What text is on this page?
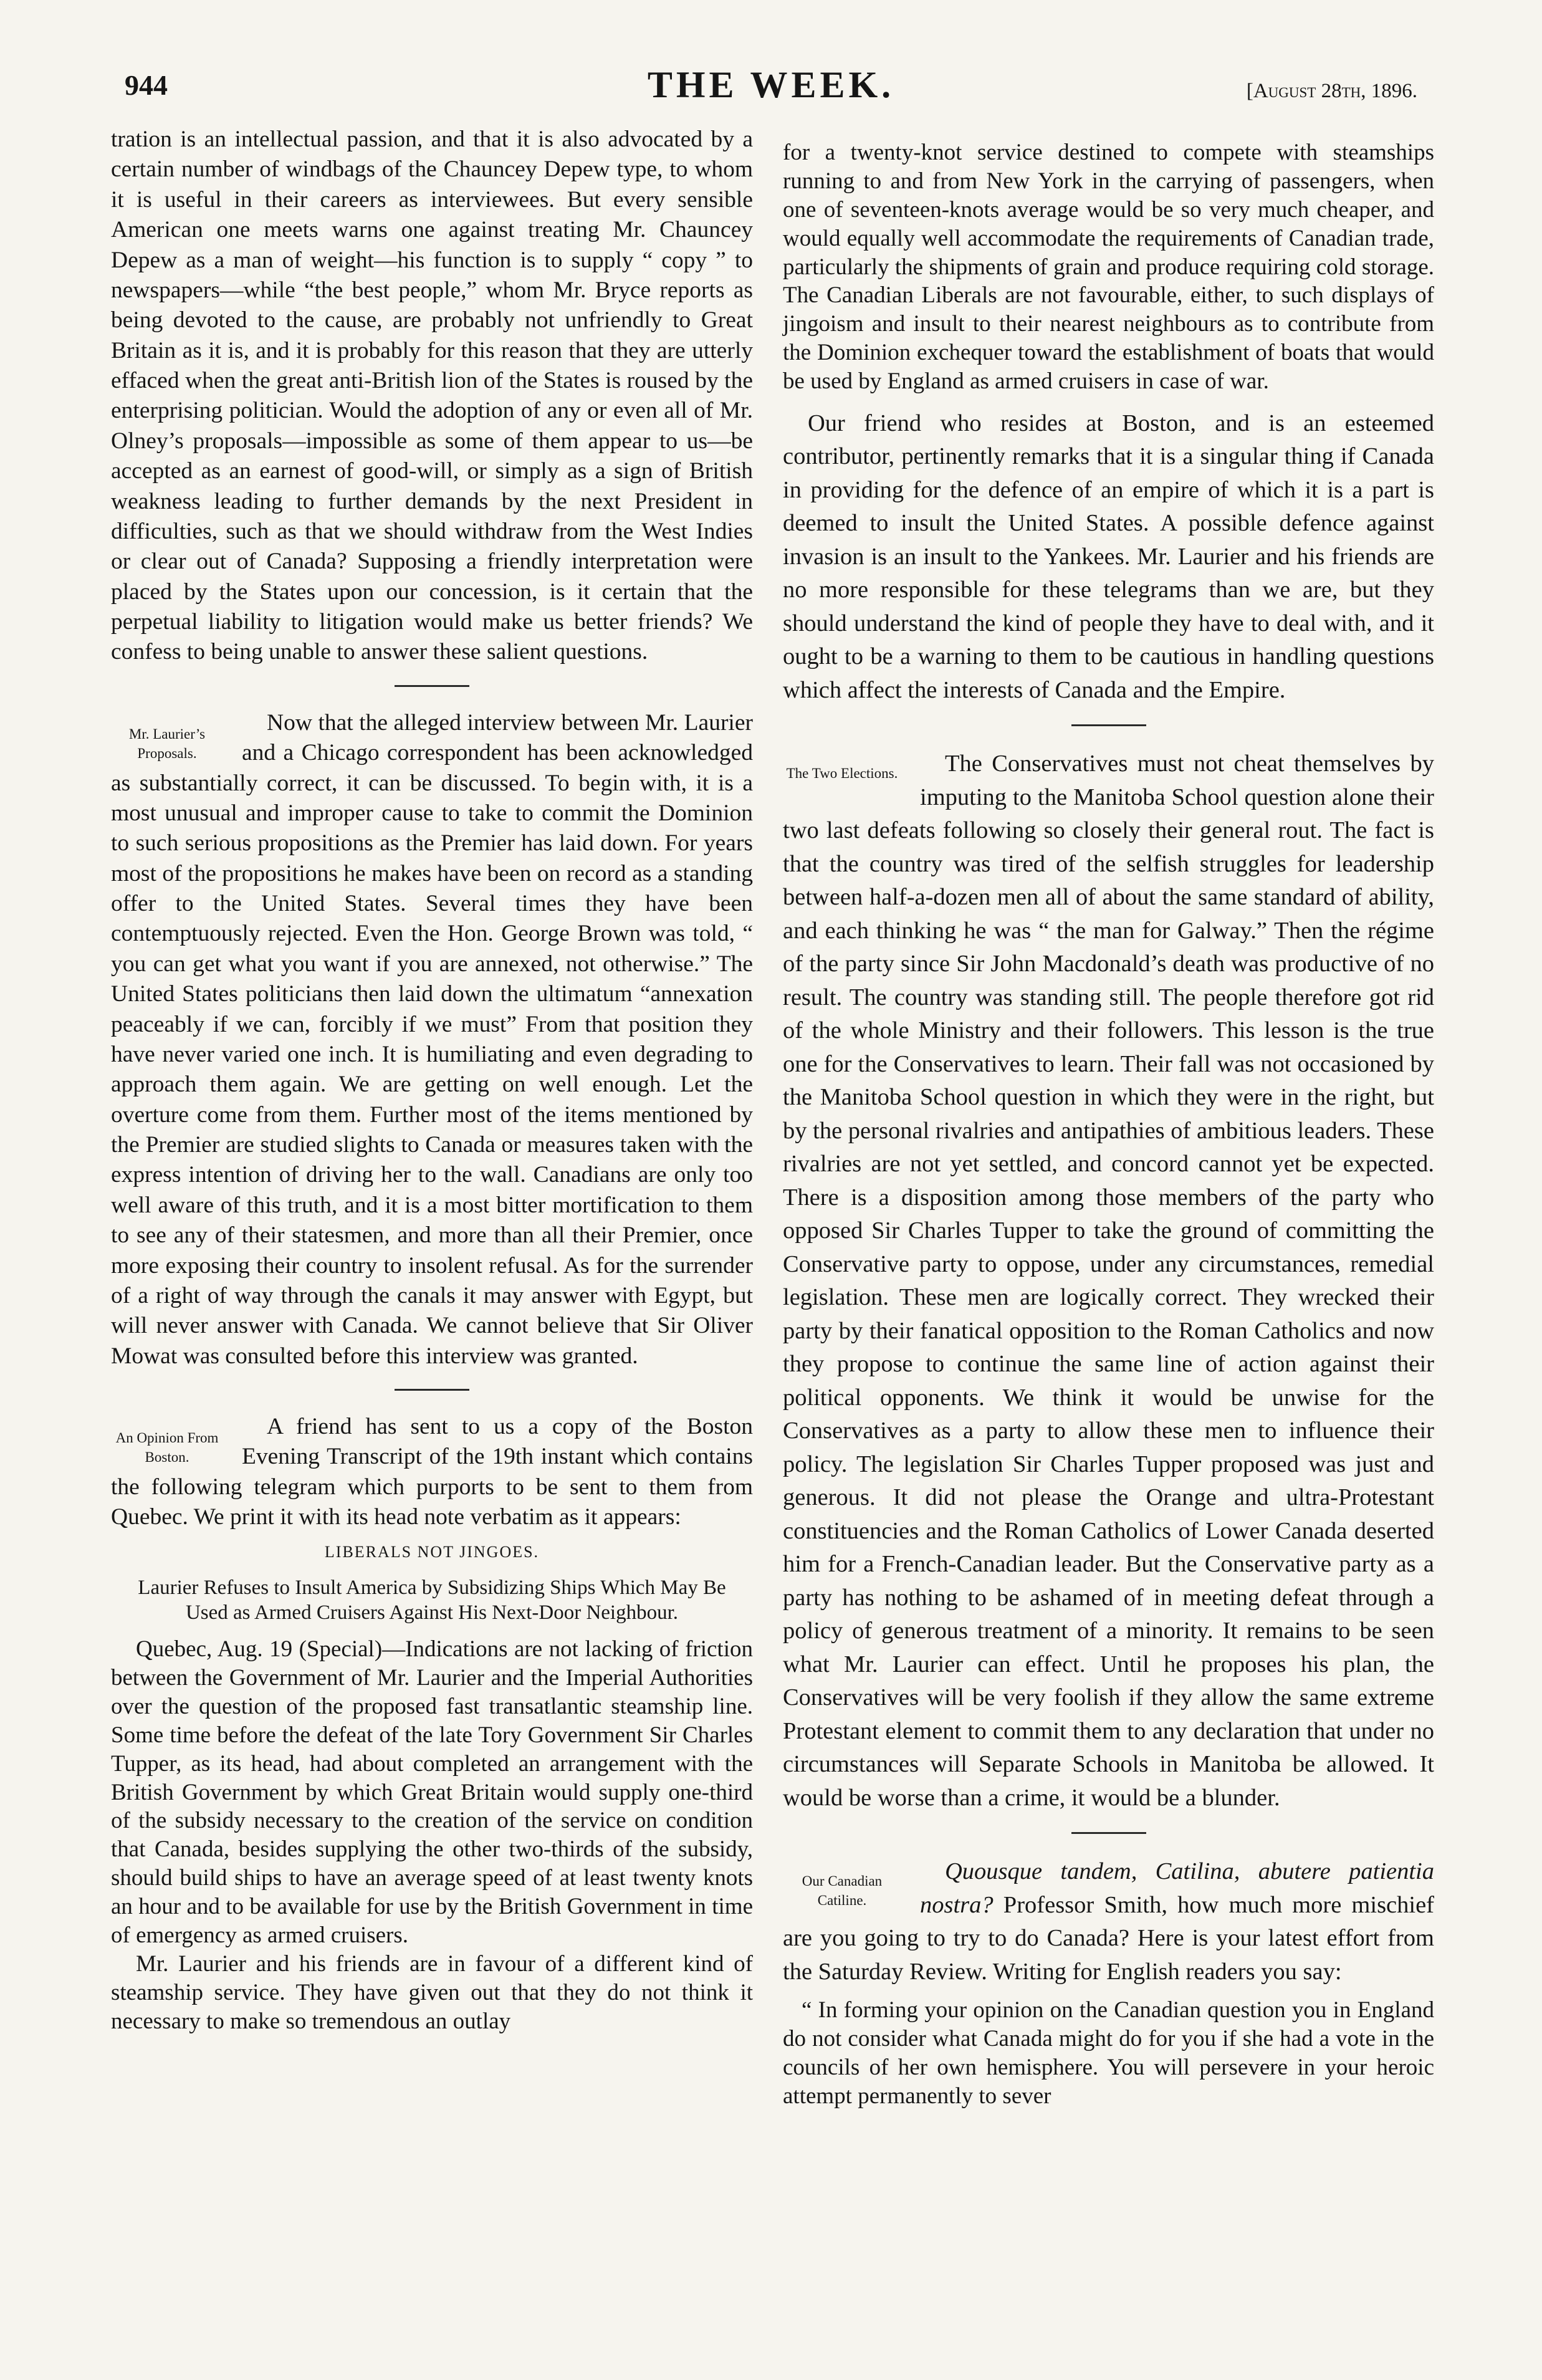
944	THE WEEK.	[August 28th, 1896.

tration is an intellectual passion, and that it is also advocated by a certain number of windbags of the Chauncey Depew type, to whom it is useful in their careers as interviewees. But every sensible American one meets warns one against treating Mr. Chauncey Depew as a man of weight—his function is to supply “ copy ” to newspapers—while “the best people,” whom Mr. Bryce reports as being devoted to the cause, are probably not unfriendly to Great Britain as it is, and it is probably for this reason that they are utterly effaced when the great anti-British lion of the States is roused by the enterprising politician. Would the adoption of any or even all of Mr. Olney’s proposals—impossible as some of them appear to us—be accepted as an earnest of good-will, or simply as a sign of British weakness leading to further demands by the next President in difficulties, such as that we should withdraw from the West Indies or clear out of Canada? Supposing a friendly interpretation were placed by the States upon our concession, is it certain that the perpetual liability to litigation would make us better friends? We confess to being unable to answer these salient questions.

Mr. Laurier’s Proposals.

Now that the alleged interview between Mr. Laurier and a Chicago correspondent has been acknowledged as substantially correct, it can be discussed. To begin with, it is a most unusual and improper cause to take to commit the Dominion to such serious propositions as the Premier has laid down. For years most of the propositions he makes have been on record as a standing offer to the United States. Several times they have been contemptuously rejected. Even the Hon. George Brown was told, “ you can get what you want if you are annexed, not otherwise.” The United States politicians then laid down the ultimatum “annexation peaceably if we can, forcibly if we must” From that position they have never varied one inch. It is humiliating and even degrading to approach them again. We are getting on well enough. Let the overture come from them. Further most of the items mentioned by the Premier are studied slights to Canada or measures taken with the express intention of driving her to the wall. Canadians are only too well aware of this truth, and it is a most bitter mortification to them to see any of their statesmen, and more than all their Premier, once more exposing their country to insolent refusal. As for the surrender of a right of way through the canals it may answer with Egypt, but will never answer with Canada. We cannot believe that Sir Oliver Mowat was consulted before this interview was granted.

An Opinion From Boston.

A friend has sent to us a copy of the Boston Evening Transcript of the 19th instant which contains the following telegram which purports to be sent to them from Quebec. We print it with its head note verbatim as it appears:

LIBERALS NOT JINGOES.
Laurier Refuses to Insult America by Subsidizing Ships Which May Be Used as Armed Cruisers Against His Next-Door Neighbour.

Quebec, Aug. 19 (Special)—Indications are not lacking of friction between the Government of Mr. Laurier and the Imperial Authorities over the question of the proposed fast transatlantic steamship line. Some time before the defeat of the late Tory Government Sir Charles Tupper, as its head, had about completed an arrangement with the British Government by which Great Britain would supply one-third of the subsidy necessary to the creation of the service on condition that Canada, besides supplying the other two-thirds of the subsidy, should build ships to have an average speed of at least twenty knots an hour and to be available for use by the British Government in time of emergency as armed cruisers.

Mr. Laurier and his friends are in favour of a different kind of steamship service. They have given out that they do not think it necessary to make so tremendous an outlay

for a twenty-knot service destined to compete with steamships running to and from New York in the carrying of passengers, when one of seventeen-knots average would be so very much cheaper, and would equally well accommodate the requirements of Canadian trade, particularly the shipments of grain and produce requiring cold storage. The Canadian Liberals are not favourable, either, to such displays of jingoism and insult to their nearest neighbours as to contribute from the Dominion exchequer toward the establishment of boats that would be used by England as armed cruisers in case of war.

Our friend who resides at Boston, and is an esteemed contributor, pertinently remarks that it is a singular thing if Canada in providing for the defence of an empire of which it is a part is deemed to insult the United States. A possible defence against invasion is an insult to the Yankees. Mr. Laurier and his friends are no more responsible for these telegrams than we are, but they should understand the kind of people they have to deal with, and it ought to be a warning to them to be cautious in handling questions which affect the interests of Canada and the Empire.

The Two Elections.	The Conservatives must not cheat themselves by imputing to the Manitoba School question alone their two last defeats following so closely their general rout. The fact is that the country was tired of the selfish struggles for leadership between half-a-dozen men all of about the same standard of ability, and each thinking he was “ the man for Galway.” Then the régime of the party since Sir John Macdonald’s death was productive of no result. The country was standing still. The people therefore got rid of the whole Ministry and their followers. This lesson is the true one for the Conservatives to learn. Their fall was not occasioned by the Manitoba School question in which they were in the right, but by the personal rivalries and antipathies of ambitious leaders. These rivalries are not yet settled, and concord cannot yet be expected. There is a disposition among those members of the party who opposed Sir Charles Tupper to take the ground of committing the Conservative party to oppose, under any circumstances, remedial legislation. These men are logically correct. They wrecked their party by their fanatical opposition to the Roman Catholics and now they propose to continue the same line of action against their political opponents. We think it would be unwise for the Conservatives as a party to allow these men to influence their policy. The legislation Sir Charles Tupper proposed was just and generous. It did not please the Orange and ultra-Protestant constituencies and the Roman Catholics of Lower Canada deserted him for a French-Canadian leader. But the Conservative party as a party has nothing to be ashamed of in meeting defeat through a policy of generous treatment of a minority. It remains to be seen what Mr. Laurier can effect. Until he proposes his plan, the Conservatives will be very foolish if they allow the same extreme Protestant element to commit them to any declaration that under no circumstances will Separate Schools in Manitoba be allowed. It would be worse than a crime, it would be a blunder.

Our Canadian Catiline.

Quousque tandem, Catilina, abutere patientia nostra? Professor Smith, how much more mischief are you going to try to do Canada? Here is your latest effort from the Saturday Review. Writing for English readers you say:

“ In forming your opinion on the Canadian question you in England do not consider what Canada might do for you if she had a vote in the councils of her own hemisphere. You will persevere in your heroic attempt permanently to sever
